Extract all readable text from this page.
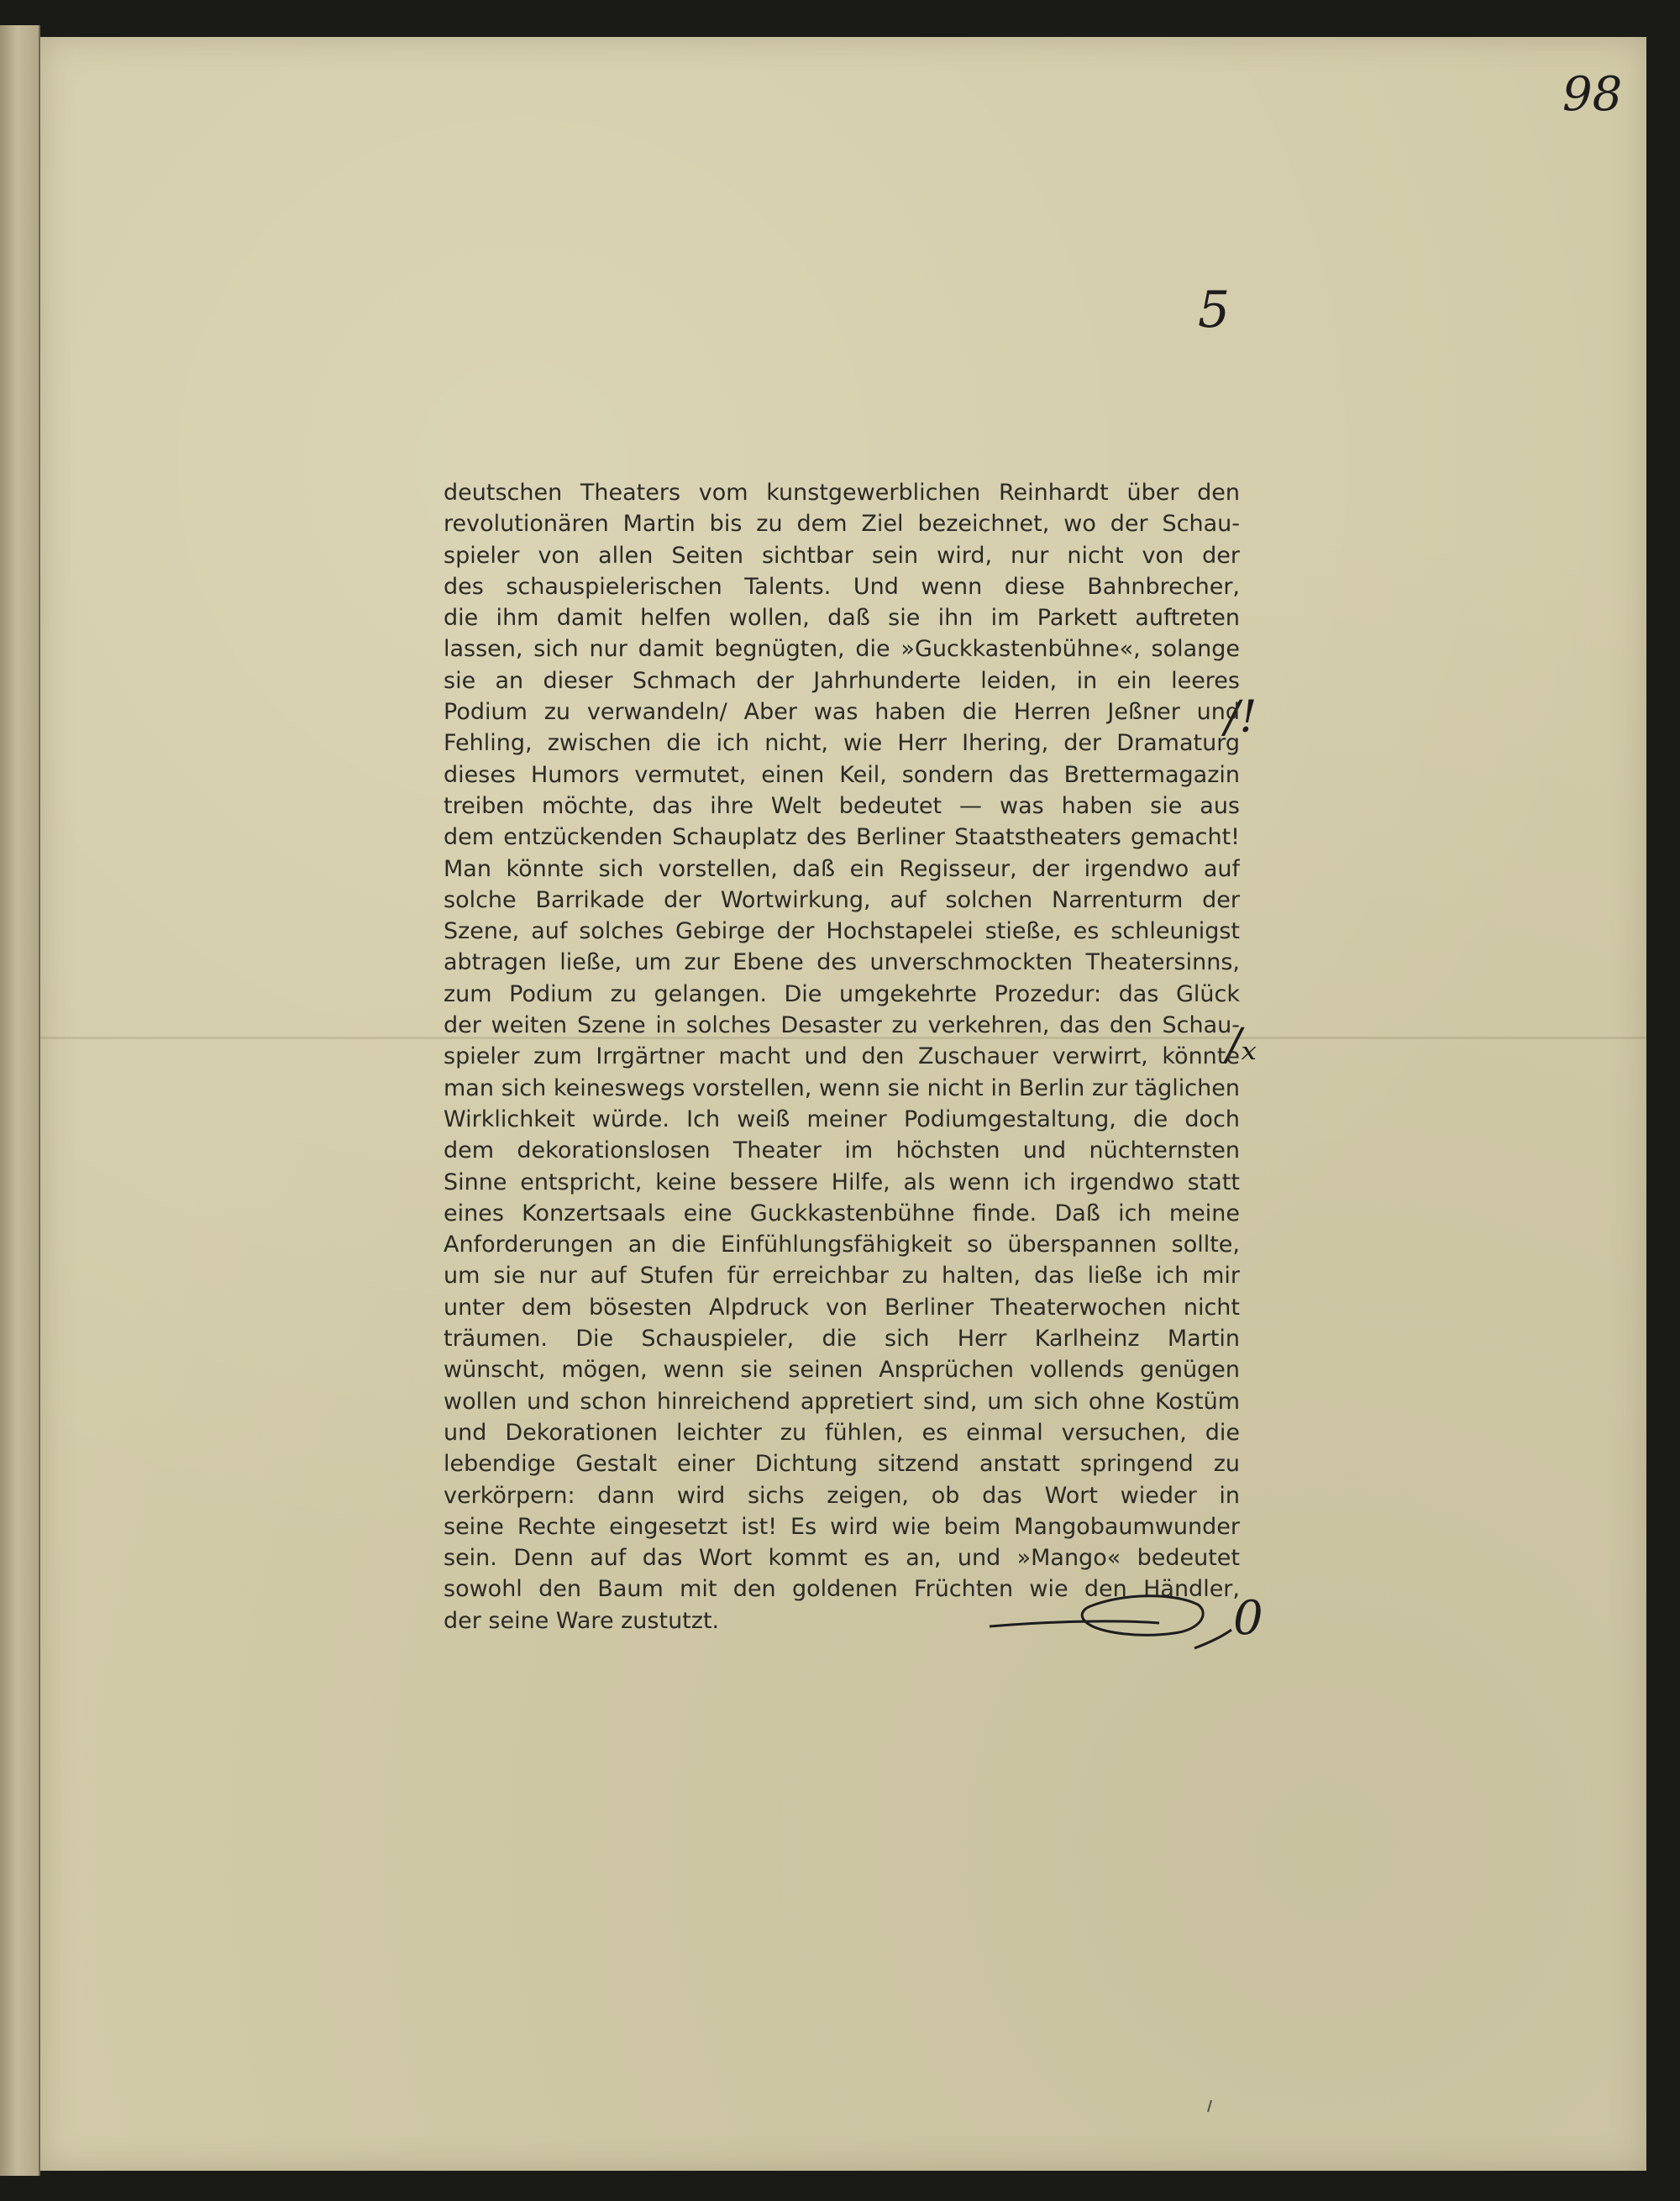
98
5
/!
/ₓ
0
deutschen Theaters vom kunstgewerblichen Reinhardt über den
revolutionären Martin bis zu dem Ziel bezeichnet, wo der Schau-
spieler von allen Seiten sichtbar sein wird, nur nicht von der
des schauspielerischen Talents. Und wenn diese Bahnbrecher,
die ihm damit helfen wollen, daß sie ihn im Parkett auftreten
lassen, sich nur damit begnügten, die »Guckkastenbühne«, solange
sie an dieser Schmach der Jahrhunderte leiden, in ein leeres
Podium zu verwandeln/ Aber was haben die Herren Jeßner und
Fehling, zwischen die ich nicht, wie Herr Ihering, der Dramaturg
dieses Humors vermutet, einen Keil, sondern das Brettermagazin
treiben möchte, das ihre Welt bedeutet — was haben sie aus
dem entzückenden Schauplatz des Berliner Staatstheaters gemacht!
Man könnte sich vorstellen, daß ein Regisseur, der irgendwo auf
solche Barrikade der Wortwirkung, auf solchen Narrenturm der
Szene, auf solches Gebirge der Hochstapelei stieße, es schleunigst
abtragen ließe, um zur Ebene des unverschmockten Theatersinns,
zum Podium zu gelangen. Die umgekehrte Prozedur: das Glück
der weiten Szene in solches Desaster zu verkehren, das den Schau-
spieler zum Irrgärtner macht und den Zuschauer verwirrt, könnte
man sich keineswegs vorstellen, wenn sie nicht in Berlin zur täglichen
Wirklichkeit würde. Ich weiß meiner Podiumgestaltung, die doch
dem dekorationslosen Theater im höchsten und nüchternsten
Sinne entspricht, keine bessere Hilfe, als wenn ich irgendwo statt
eines Konzertsaals eine Guckkastenbühne finde. Daß ich meine
Anforderungen an die Einfühlungsfähigkeit so überspannen sollte,
um sie nur auf Stufen für erreichbar zu halten, das ließe ich mir
unter dem bösesten Alpdruck von Berliner Theaterwochen nicht
träumen. Die Schauspieler, die sich Herr Karlheinz Martin
wünscht, mögen, wenn sie seinen Ansprüchen vollends genügen
wollen und schon hinreichend appretiert sind, um sich ohne Kostüm
und Dekorationen leichter zu fühlen, es einmal versuchen, die
lebendige Gestalt einer Dichtung sitzend anstatt springend zu
verkörpern: dann wird sichs zeigen, ob das Wort wieder in
seine Rechte eingesetzt ist! Es wird wie beim Mangobaumwunder
sein. Denn auf das Wort kommt es an, und »Mango« bedeutet
sowohl den Baum mit den goldenen Früchten wie den Händler,
der seine Ware zustutzt.
